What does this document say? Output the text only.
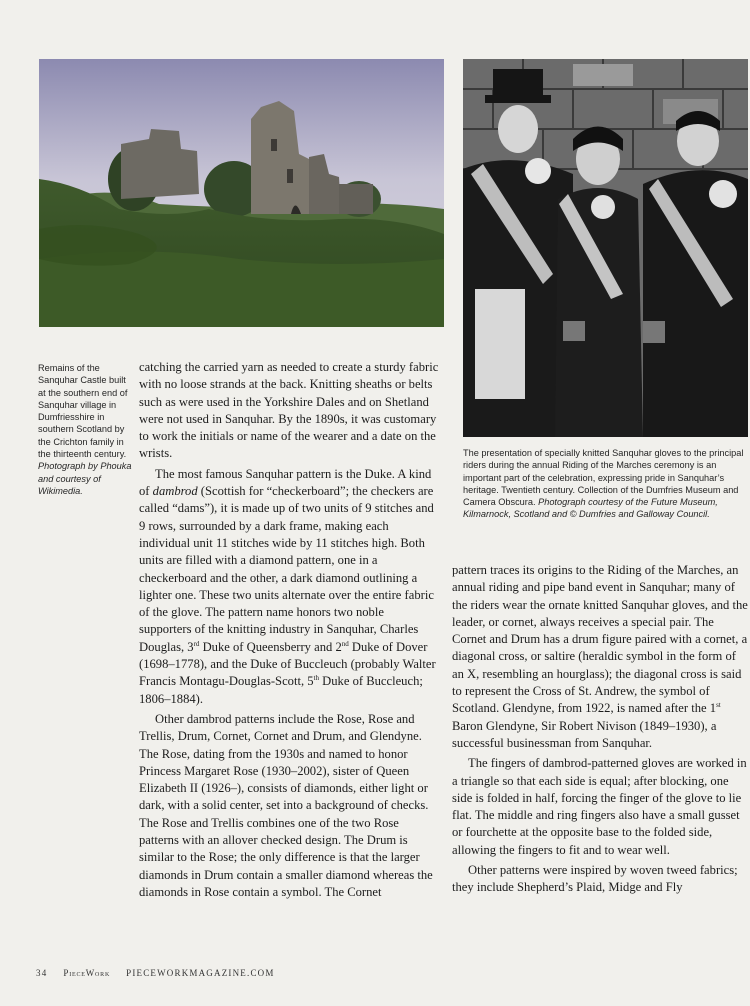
Remains of the Sanquhar Castle built at the southern end of Sanquhar village in Dumfriesshire in southern Scotland by the Crichton family in the thirteenth century. Photograph by Phouka and courtesy of Wikimedia.
The presentation of specially knitted Sanquhar gloves to the principal riders during the annual Riding of the Marches ceremony is an important part of the celebration, expressing pride in Sanquhar’s heritage. Twentieth century. Collection of the Dumfries Museum and Camera Obscura. Photograph courtesy of the Future Museum, Kilmarnock, Scotland and © Dumfries and Galloway Council.

catching the carried yarn as needed to create a sturdy fabric with no loose strands at the back. Knitting sheaths or belts such as were used in the Yorkshire Dales and on Shetland were not used in Sanquhar. By the 1890s, it was customary to work the initials or name of the wearer and a date on the wrists.

The most famous Sanquhar pattern is the Duke. A kind of dambrod (Scottish for “checkerboard”; the checkers are called “dams”), it is made up of two units of 9 stitches and 9 rows, surrounded by a dark frame, making each individual unit 11 stitches wide by 11 stitches high. Both units are filled with a diamond pattern, one in a checkerboard and the other, a dark diamond outlining a lighter one. These two units alternate over the entire fabric of the glove. The pattern name honors two noble supporters of the knitting industry in Sanquhar, Charles Douglas, 3rd Duke of Queensberry and 2nd Duke of Dover (1698–1778), and the Duke of Buccleuch (probably Walter Francis Montagu-Douglas-Scott, 5th Duke of Buccleuch; 1806–1884).

Other dambrod patterns include the Rose, Rose and Trellis, Drum, Cornet, Cornet and Drum, and Glendyne. The Rose, dating from the 1930s and named to honor Princess Margaret Rose (1930–2002), sister of Queen Elizabeth II (1926–), consists of diamonds, either light or dark, with a solid center, set into a background of checks. The Rose and Trellis combines one of the two Rose patterns with an allover checked design. The Drum is similar to the Rose; the only difference is that the larger diamonds in Drum contain a smaller diamond whereas the diamonds in Rose contain a symbol. The Cornet

pattern traces its origins to the Riding of the Marches, an annual riding and pipe band event in Sanquhar; many of the riders wear the ornate knitted Sanquhar gloves, and the leader, or cornet, always receives a special pair. The Cornet and Drum has a drum figure paired with a cornet, a diagonal cross, or saltire (heraldic symbol in the form of an X, resembling an hourglass); the diagonal cross is said to represent the Cross of St. Andrew, the symbol of Scotland. Glendyne, from 1922, is named after the 1st Baron Glendyne, Sir Robert Nivison (1849–1930), a successful businessman from Sanquhar.

The fingers of dambrod-patterned gloves are worked in a triangle so that each side is equal; after blocking, one side is folded in half, forcing the finger of the glove to lie flat. The middle and ring fingers also have a small gusset or fourchette at the opposite base to the folded side, allowing the fingers to fit and to wear well.

Other patterns were inspired by woven tweed fabrics; they include Shepherd’s Plaid, Midge and Fly

34 PieceWork PIECEWORKMAGAZINE.COM
